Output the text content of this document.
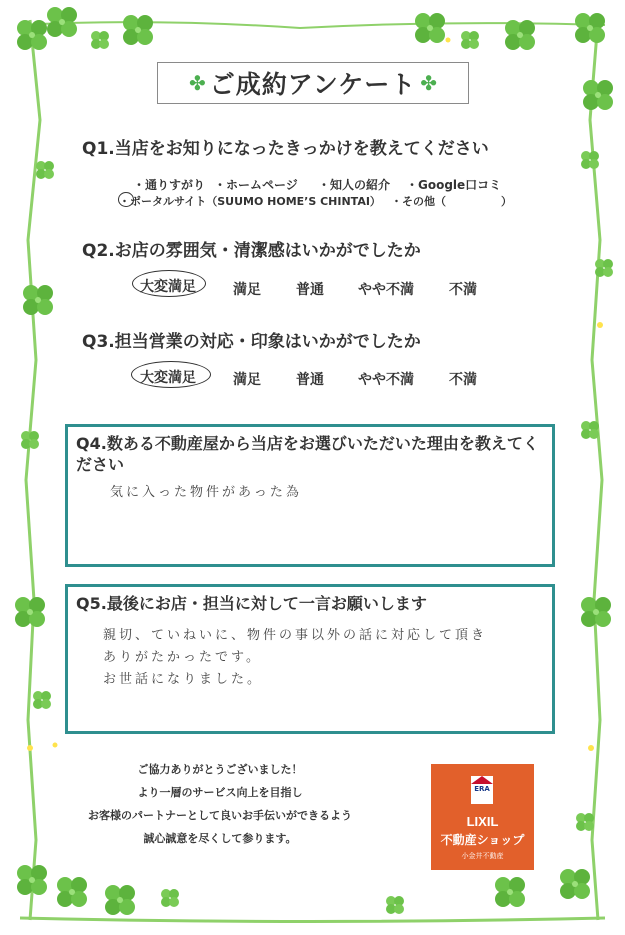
✤ ご成約アンケート ✤
Q1.当店をお知りになったきっかけを教えてください
・通りすがり ・ホームページ ・知人の紹介 ・Google口コミ
・ポータルサイト（SUUMO HOME’S CHINTAI） ・その他（　　　　　）
Q2.お店の雰囲気・清潔感はいかがでしたか
大変満足	満足	普通 やや不満	不満
Q3.担当営業の対応・印象はいかがでしたか
大変満足	満足	普通 やや不満	不満
Q4.数ある不動産屋から当店をお選びいただいた理由を教えてください
気に入った物件があった為
Q5.最後にお店・担当に対して一言お願いします
親切、ていねいに、物件の事以外の話に対応して頂き
ありがたかったです。
お世話になりました。
ご協力ありがとうございました！
より一層のサービス向上を目指し
お客様のパートナーとして良いお手伝いができるよう
誠心誠意を尽くして参ります。
ERA
LIXIL
不動産ショップ
小金井不動産
